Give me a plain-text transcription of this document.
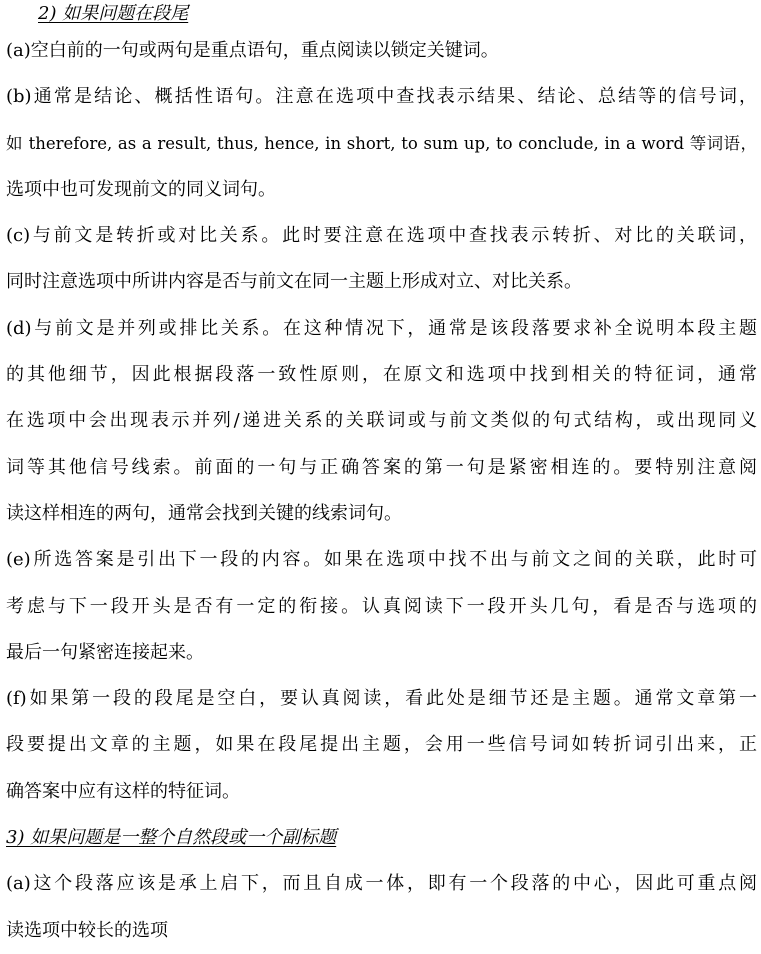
2) 如果问题在段尾
(a)空白前的一句或两句是重点语句，重点阅读以锁定关键词。
(b)通常是结论、概括性语句。注意在选项中查找表示结果、结论、总结等的信号词，
如 therefore, as a result, thus, hence, in short, to sum up, to conclude, in a word 等词语，
选项中也可发现前文的同义词句。
(c)与前文是转折或对比关系。此时要注意在选项中查找表示转折、对比的关联词，
同时注意选项中所讲内容是否与前文在同一主题上形成对立、对比关系。
(d)与前文是并列或排比关系。在这种情况下，通常是该段落要求补全说明本段主题
的其他细节，因此根据段落一致性原则，在原文和选项中找到相关的特征词，通常
在选项中会出现表示并列/递进关系的关联词或与前文类似的句式结构，或出现同义
词等其他信号线索。前面的一句与正确答案的第一句是紧密相连的。要特别注意阅
读这样相连的两句，通常会找到关键的线索词句。
(e)所选答案是引出下一段的内容。如果在选项中找不出与前文之间的关联，此时可
考虑与下一段开头是否有一定的衔接。认真阅读下一段开头几句，看是否与选项的
最后一句紧密连接起来。
(f)如果第一段的段尾是空白，要认真阅读，看此处是细节还是主题。通常文章第一
段要提出文章的主题，如果在段尾提出主题，会用一些信号词如转折词引出来，正
确答案中应有这样的特征词。
3) 如果问题是一整个自然段或一个副标题
(a)这个段落应该是承上启下，而且自成一体，即有一个段落的中心，因此可重点阅
读选项中较长的选项
